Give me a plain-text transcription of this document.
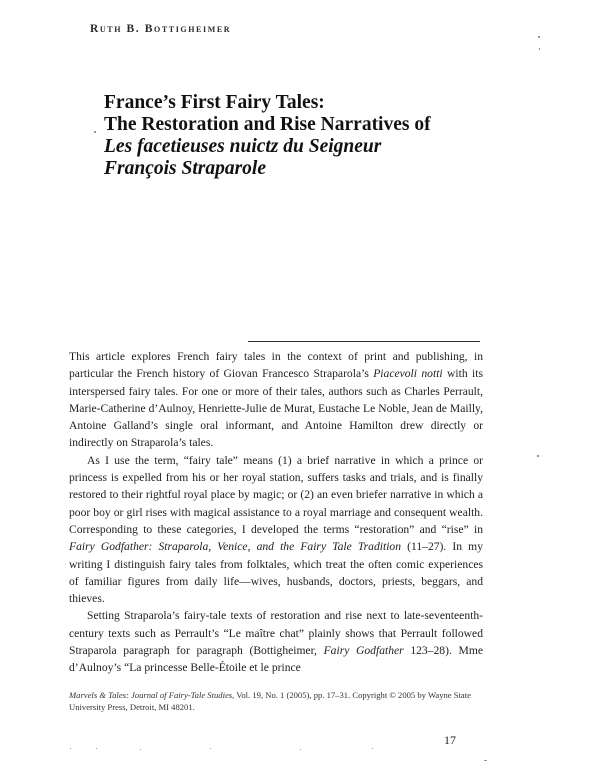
Ruth B. Bottigheimer
France’s First Fairy Tales:
The Restoration and Rise Narratives of
Les facetieuses nuictz du Seigneur
François Straparole

This article explores French fairy tales in the context of print and publishing, in particular the French history of Giovan Francesco Straparola’s Piacevoli notti with its interspersed fairy tales. For one or more of their tales, authors such as Charles Perrault, Marie-Catherine d’Aulnoy, Henriette-Julie de Murat, Eustache Le Noble, Jean de Mailly, Antoine Galland’s single oral informant, and Antoine Hamilton drew directly or indirectly on Straparola’s tales.

As I use the term, “fairy tale” means (1) a brief narrative in which a prince or princess is expelled from his or her royal station, suffers tasks and trials, and is finally restored to their rightful royal place by magic; or (2) an even briefer narrative in which a poor boy or girl rises with magical assistance to a royal marriage and consequent wealth. Corresponding to these categories, I developed the terms “restoration” and “rise” in Fairy Godfather: Straparola, Venice, and the Fairy Tale Tradition (11–27). In my writing I distinguish fairy tales from folktales, which treat the often comic experiences of familiar figures from daily life—wives, husbands, doctors, priests, beggars, and thieves.

Setting Straparola’s fairy-tale texts of restoration and rise next to late-seventeenth-century texts such as Perrault’s “Le maître chat” plainly shows that Perrault followed Straparola paragraph for paragraph (Bottigheimer, Fairy Godfather 123–28). Mme d’Aulnoy’s “La princesse Belle-Étoile et le prince

Marvels & Tales: Journal of Fairy-Tale Studies, Vol. 19, No. 1 (2005), pp. 17–31. Copyright © 2005 by Wayne State University Press, Detroit, MI 48201.
17
